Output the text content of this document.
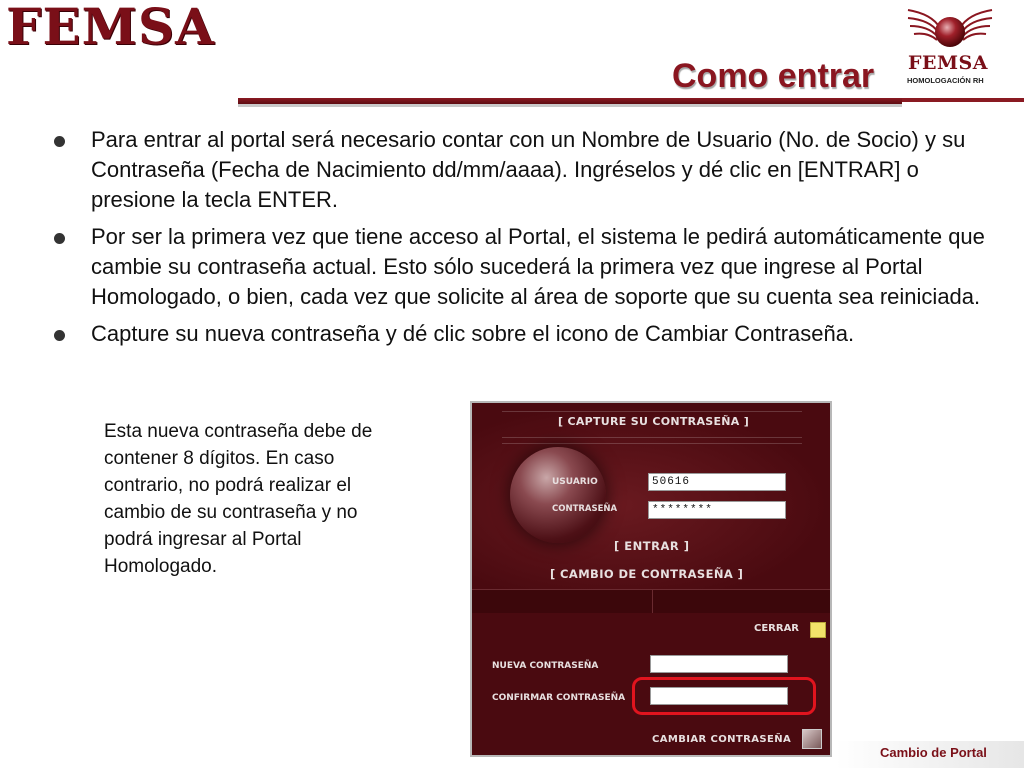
FEMSA
FEMSA
HOMOLOGACIÓN RH
Como entrar
Para entrar al portal será necesario contar con un Nombre de Usuario (No. de Socio) y su Contraseña (Fecha de Nacimiento dd/mm/aaaa). Ingréselos y dé clic en [ENTRAR] o presione la tecla ENTER.
Por ser la primera vez que tiene acceso al Portal, el sistema le pedirá automáticamente que cambie su contraseña actual. Esto sólo sucederá la primera vez que ingrese al Portal Homologado, o bien, cada vez que solicite al área de soporte que su cuenta sea reiniciada.
Capture su nueva contraseña y dé clic sobre el icono de Cambiar Contraseña.

Esta nueva contraseña debe de contener 8 dígitos. En caso contrario, no podrá realizar el cambio de su contraseña y no podrá ingresar al Portal Homologado.

[ CAPTURE SU CONTRASEÑA ]
USUARIO	50616
CONTRASEÑA	********
[ ENTRAR ]
[ CAMBIO DE CONTRASEÑA ]
CERRAR
NUEVA CONTRASEÑA
CONFIRMAR CONTRASEÑA
CAMBIAR CONTRASEÑA
Cambio de Portal
